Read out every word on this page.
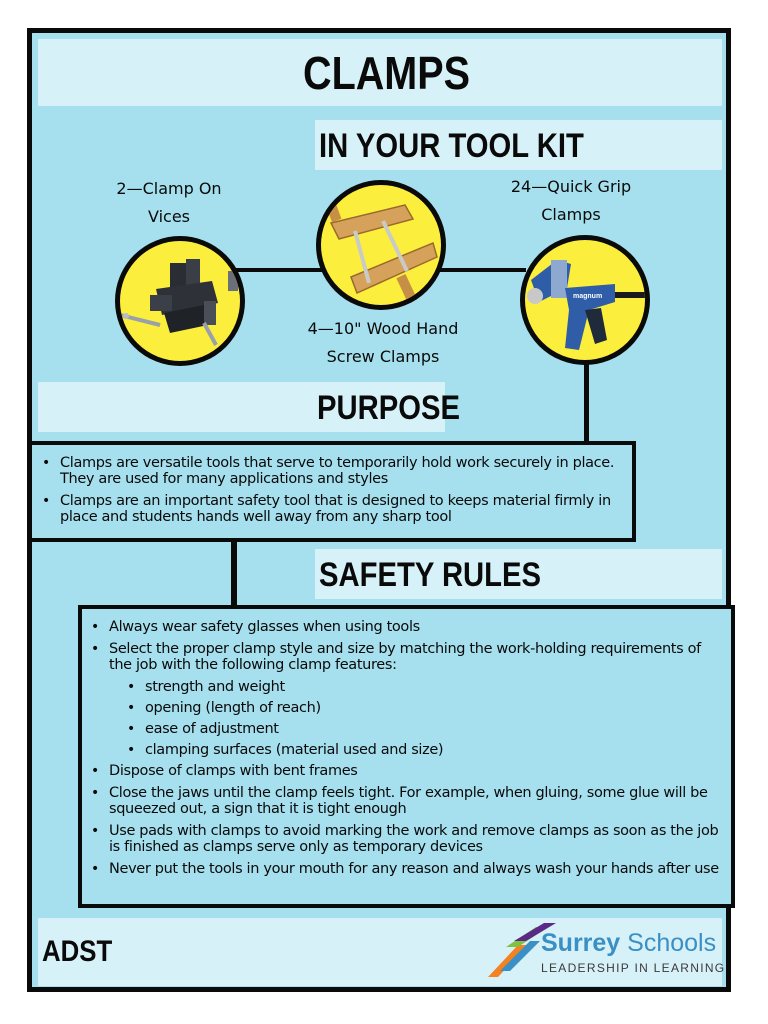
CLAMPS
IN YOUR TOOL KIT
2—Clamp On
Vices
4—10" Wood Hand
Screw Clamps
24—Quick Grip
Clamps
magnum
PURPOSE
• Clamps are versatile tools that serve to temporarily hold work securely in place. They are used for many applications and styles
• Clamps are an important safety tool that is designed to keeps material firmly in place and students hands well away from any sharp tool
SAFETY RULES
• Always wear safety glasses when using tools
• Select the proper clamp style and size by matching the work-holding requirements of the job with the following clamp features:
• strength and weight
• opening (length of reach)
• ease of adjustment
• clamping surfaces (material used and size)
• Dispose of clamps with bent frames
• Close the jaws until the clamp feels tight. For example, when gluing, some glue will be squeezed out, a sign that it is tight enough
• Use pads with clamps to avoid marking the work and remove clamps as soon as the job is finished as clamps serve only as temporary devices
• Never put the tools in your mouth for any reason and always wash your hands after use
ADST	Surrey Schools
LEADERSHIP IN LEARNING
